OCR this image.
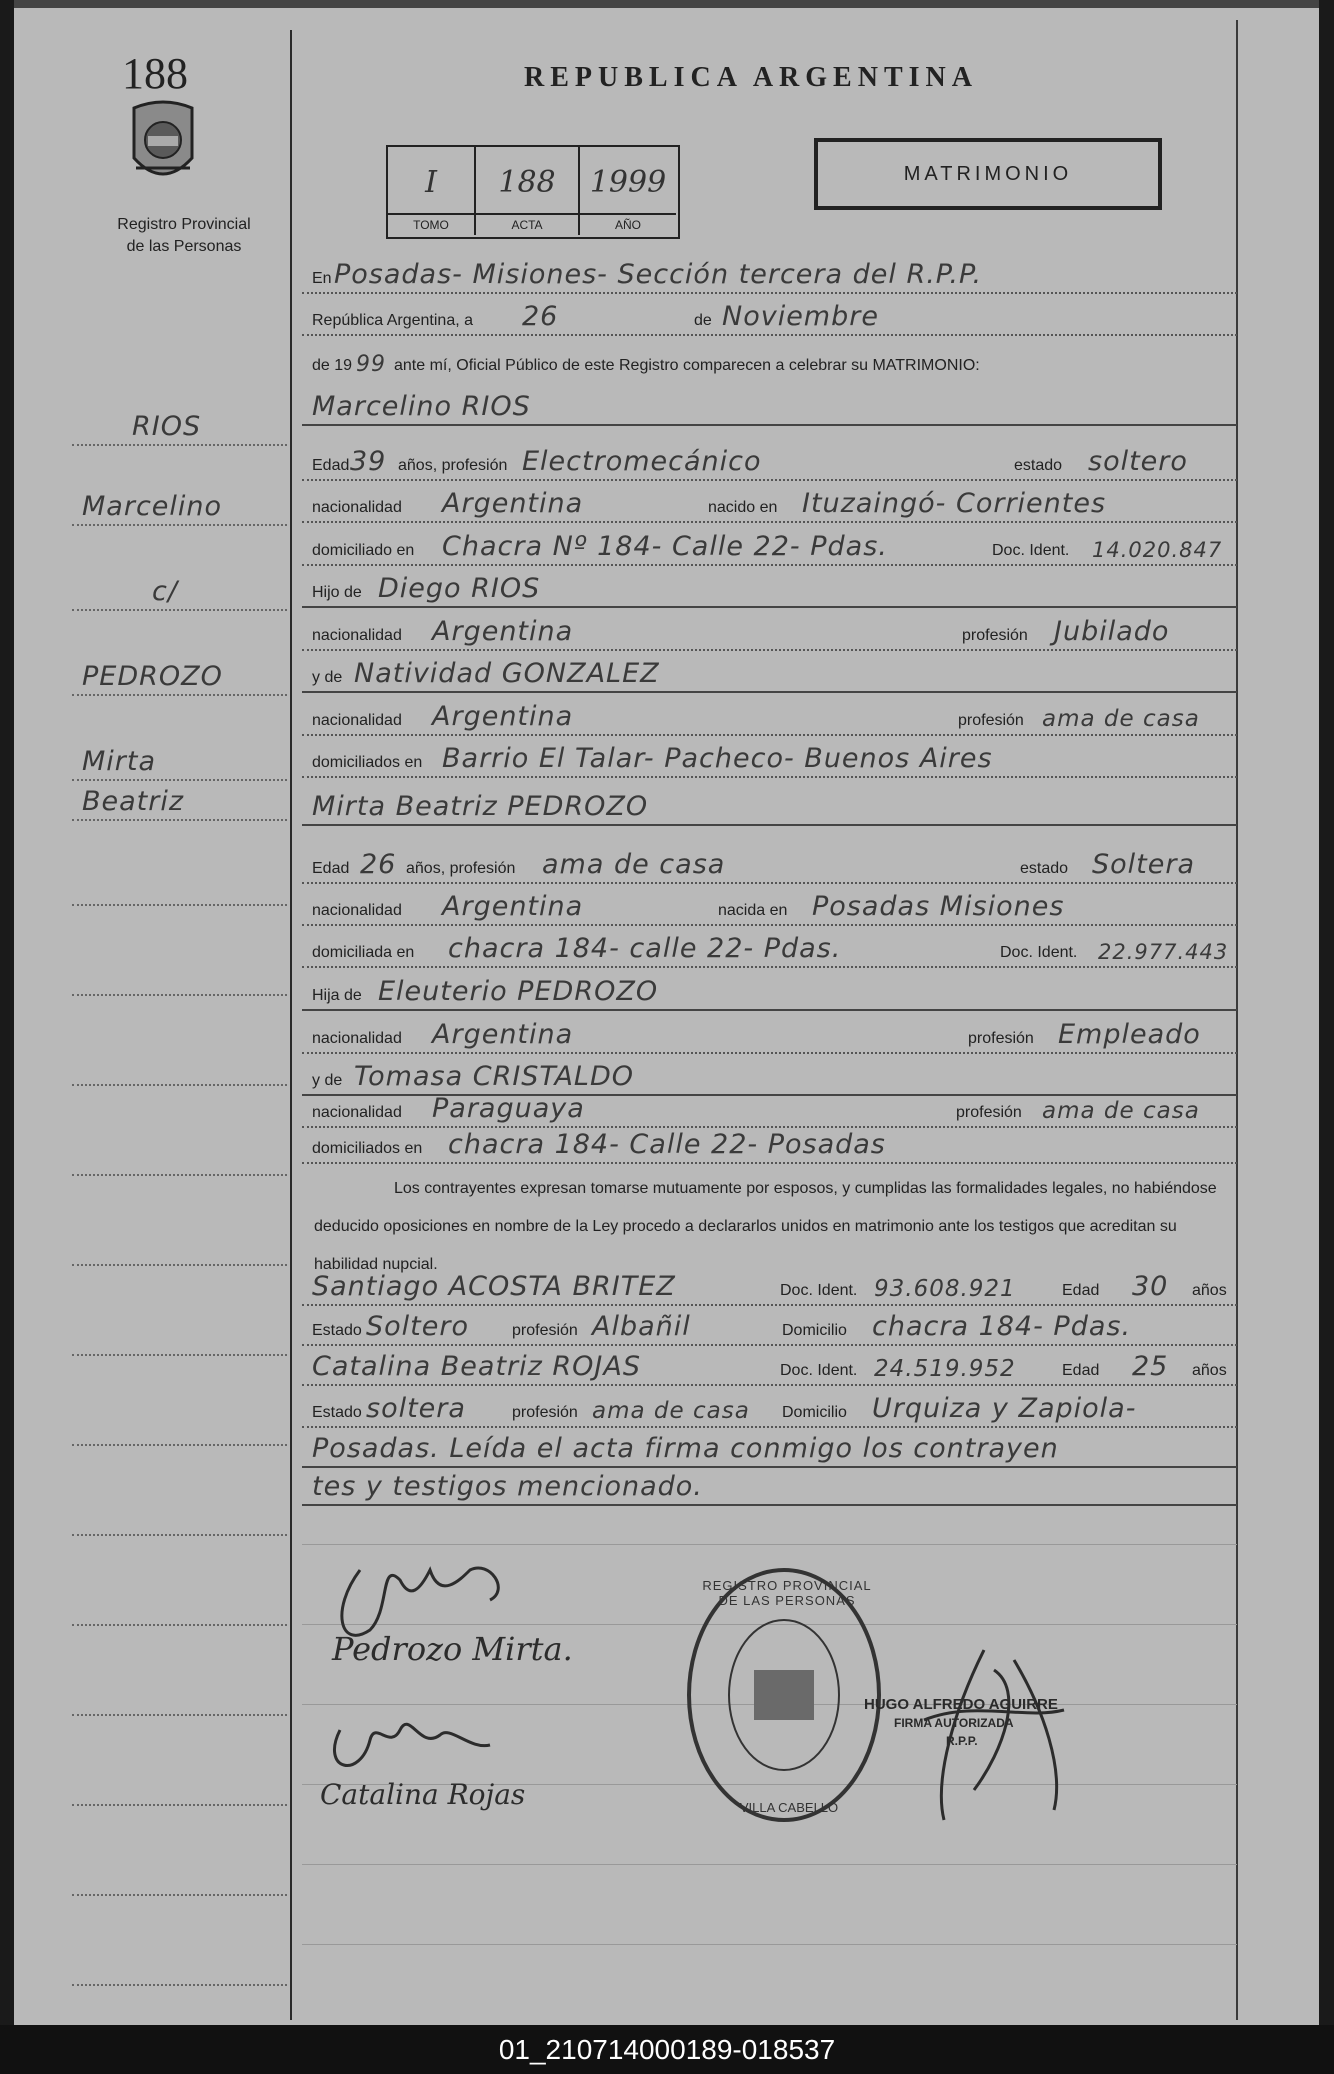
188
Registro Provincial
de las Personas
REPUBLICA ARGENTINA
I
TOMO
188
ACTA
1999
AÑO
MATRIMONIO
RIOS
Marcelino
c/
PEDROZO
Mirta
Beatriz
En Posadas- Misiones- Sección tercera del R.P.P.
República Argentina, a 26	de Noviembre
de 19 99 ante mí, Oficial Público de este Registro comparecen a celebrar su MATRIMONIO:
Marcelino RIOS
Edad 39 años, profesión Electromecánico	estado soltero
nacionalidad Argentina	nacido en Ituzaingó- Corrientes
domiciliado en Chacra Nº 184- Calle 22- Pdas.	Doc. Ident. 14.020.847
Hijo de Diego RIOS
nacionalidad Argentina	profesión Jubilado
y de Natividad GONZALEZ
nacionalidad Argentina	profesión ama de casa
domiciliados en Barrio El Talar- Pacheco- Buenos Aires
Mirta Beatriz PEDROZO
Edad 26 años, profesión ama de casa	estado Soltera
nacionalidad Argentina	nacida en Posadas Misiones
domiciliada en chacra 184- calle 22- Pdas.	Doc. Ident. 22.977.443
Hija de Eleuterio PEDROZO
nacionalidad Argentina	profesión Empleado
y de Tomasa CRISTALDO
nacionalidad Paraguaya	profesión ama de casa
domiciliados en chacra 184- Calle 22- Posadas
Los contrayentes expresan tomarse mutuamente por esposos, y cumplidas las formalidades legales, no habiéndose deducido oposiciones en nombre de la Ley procedo a declararlos unidos en matrimonio ante los testigos que acreditan su habilidad nupcial.
Santiago ACOSTA BRITEZ	Doc. Ident. 93.608.921	Edad 30 años
Estado Soltero	profesión Albañil	Domicilio chacra 184- Pdas.
Catalina Beatriz ROJAS	Doc. Ident. 24.519.952	Edad 25 años
Estado soltera	profesión ama de casa Domicilio Urquiza y Zapiola-
Posadas. Leída el acta firma conmigo los contrayen
tes y testigos mencionado.
Pedrozo Mirta.
Catalina Rojas
REGISTRO PROVINCIAL DE LAS PERSONAS
VILLA CABELLO
HUGO ALFREDO AGUIRRE
FIRMA AUTORIZADA
R.P.P.
01_210714000189-018537
